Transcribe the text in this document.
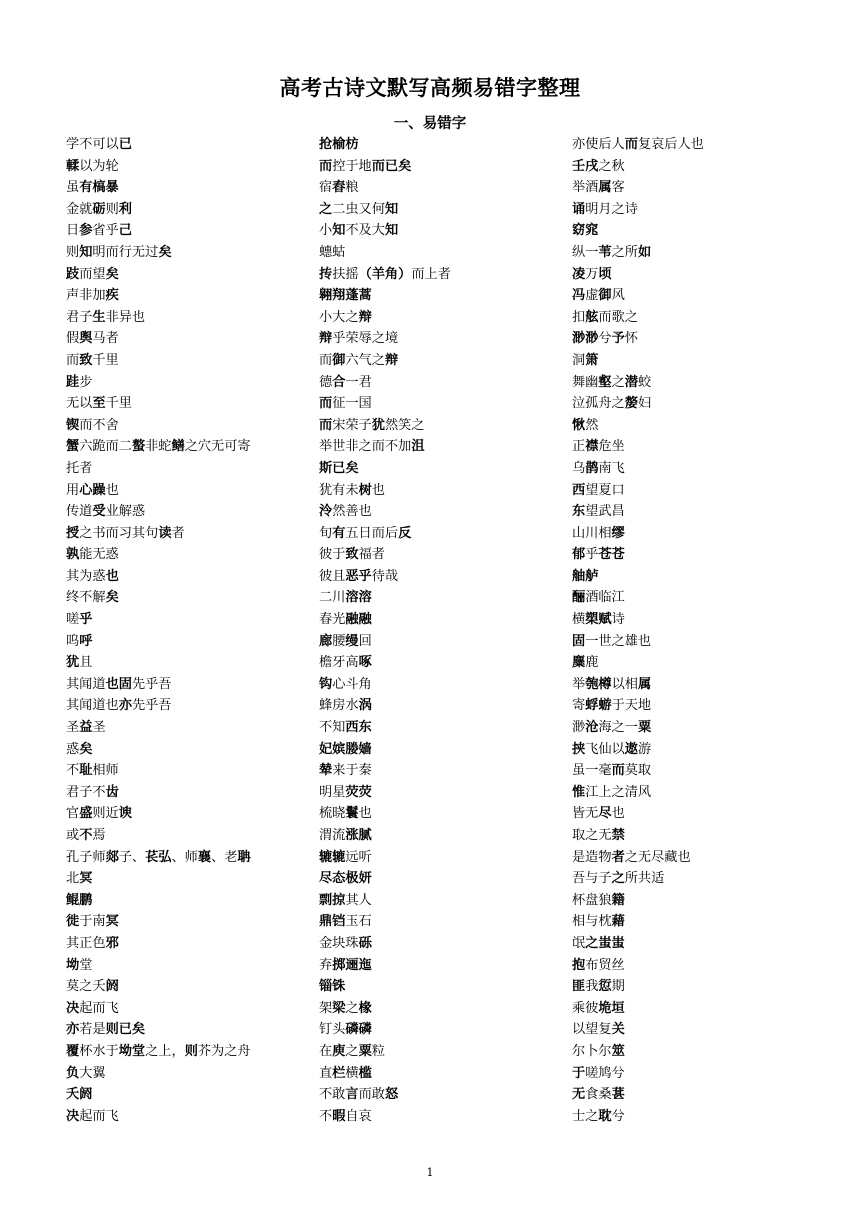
高考古诗文默写高频易错字整理
一、易错字
学不可以已
輮以为轮
虽有槁暴
金就砺则利
日参省乎己
则知明而行无过矣
跂而望矣
声非加疾
君子生非异也
假舆马者
而致千里
跬步
无以至千里
锲而不舍
蟹六跪而二螯非蛇鳝之穴无可寄
托者
用心躁也
传道受业解惑
授之书而习其句读者
孰能无惑
其为惑也
终不解矣
嗟乎
呜呼
犹且
其闻道也固先乎吾
其闻道也亦先乎吾
圣益圣
惑矣
不耻相师
君子不齿
官盛则近谀
或不焉
孔子师郯子、苌弘、师襄、老聃
北冥
鲲鹏
徙于南冥
其正色邪
坳堂
莫之夭阏
决起而飞
亦若是则已矣
覆杯水于坳堂之上，则芥为之舟
负大翼
夭阏
决起而飞
抢榆枋
而控于地而已矣
宿舂粮
之二虫又何知
小知不及大知
蟪蛄
抟扶摇（羊角）而上者
翱翔蓬蒿
小大之辩
辩乎荣辱之境
而御六气之辩
德合一君
而征一国
而宋荣子犹然笑之
举世非之而不加沮
斯已矣
犹有未树也
泠然善也
旬有五日而后反
彼于致福者
彼且恶乎待哉
二川溶溶
春光融融
廊腰缦回
檐牙高啄
钩心斗角
蜂房水涡
不知西东
妃嫔媵嫱
辇来于秦
明星荧荧
梳晓鬟也
渭流涨腻
辘辘远听
尽态极妍
剽掠其人
鼎铛玉石
金块珠砾
弃掷逦迤
锱铢
架梁之椽
钉头磷磷
在庾之粟粒
直栏横槛
不敢言而敢怒
不暇自哀
亦使后人而复哀后人也
壬戌之秋
举酒属客
诵明月之诗
窈窕
纵一苇之所如
凌万顷
冯虚御风
扣舷而歌之
渺渺兮予怀
洞箫
舞幽壑之潜蛟
泣孤舟之嫠妇
愀然
正襟危坐
乌鹊南飞
西望夏口
东望武昌
山川相缪
郁乎苍苍
舳舻
酾酒临江
横槊赋诗
固一世之雄也
麋鹿
举匏樽以相属
寄蜉蝣于天地
渺沧海之一粟
挟飞仙以遨游
虽一毫而莫取
惟江上之清风
皆无尽也
取之无禁
是造物者之无尽藏也
吾与子之所共适
杯盘狼籍
相与枕藉
氓之蚩蚩
抱布贸丝
匪我愆期
乘彼垝垣
以望复关
尔卜尔筮
于嗟鸠兮
无食桑葚
士之耽兮
1
